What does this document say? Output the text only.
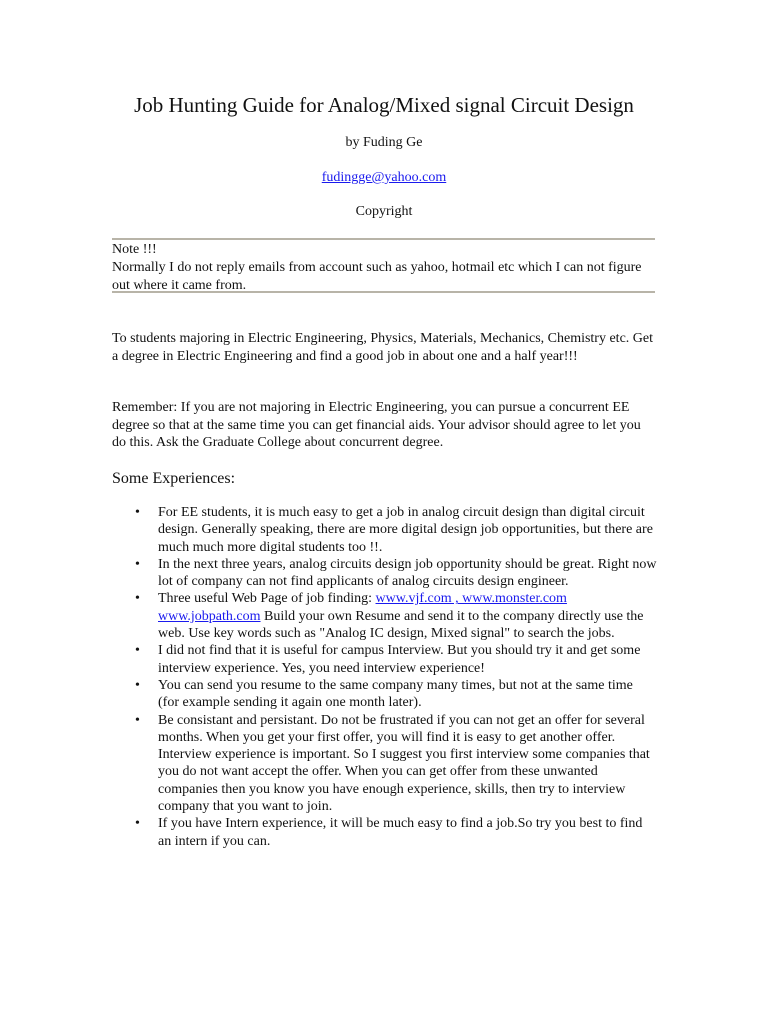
Job Hunting Guide for Analog/Mixed signal Circuit Design

by Fuding Ge

fudingge@yahoo.com

Copyright

Note !!!

Normally I do not reply emails from account such as yahoo, hotmail etc which I can not figure out where it came from.

To students majoring in Electric Engineering, Physics, Materials, Mechanics, Chemistry etc. Get a degree in Electric Engineering and find a good job in about one and a half year!!!

Remember: If you are not majoring in Electric Engineering, you can pursue a concurrent EE degree so that at the same time you can get financial aids. Your advisor should agree to let you do this. Ask the Graduate College about concurrent degree.

Some Experiences:
• For EE students, it is much easy to get a job in analog circuit design than digital circuit design. Generally speaking, there are more digital design job opportunities, but there are much much more digital students too !!.
• In the next three years, analog circuits design job opportunity should be great. Right now lot of company can not find applicants of analog circuits design engineer.
• Three useful Web Page of job finding: www.vjf.com , www.monster.com www.jobpath.com Build your own Resume and send it to the company directly use the web. Use key words such as "Analog IC design, Mixed signal" to search the jobs.
• I did not find that it is useful for campus Interview. But you should try it and get some interview experience. Yes, you need interview experience!
• You can send you resume to the same company many times, but not at the same time (for example sending it again one month later).
• Be consistant and persistant. Do not be frustrated if you can not get an offer for several months. When you get your first offer, you will find it is easy to get another offer. Interview experience is important. So I suggest you first interview some companies that you do not want accept the offer. When you can get offer from these unwanted companies then you know you have enough experience, skills, then try to interview company that you want to join.
• If you have Intern experience, it will be much easy to find a job.So try you best to find an intern if you can.
